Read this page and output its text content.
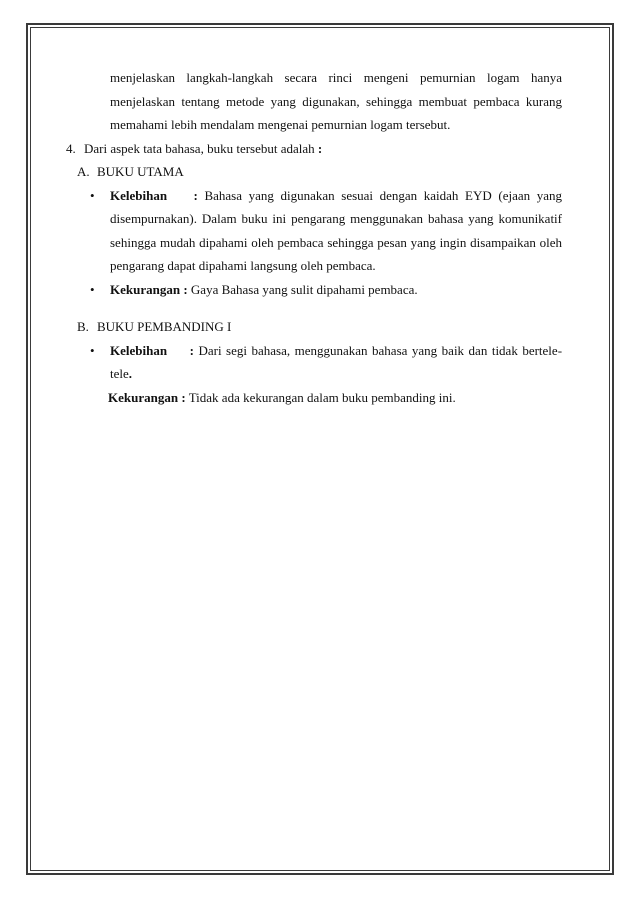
menjelaskan langkah-langkah secara rinci mengeni pemurnian logam hanya
menjelaskan tentang metode yang digunakan, sehingga membuat pembaca kurang
memahami lebih mendalam mengenai pemurnian logam tersebut.
4. Dari aspek tata bahasa, buku tersebut adalah :
A. BUKU UTAMA
• Kelebihan : Bahasa yang digunakan sesuai dengan kaidah EYD (ejaan yang
disempurnakan). Dalam buku ini pengarang menggunakan bahasa yang komunikatif
sehingga mudah dipahami oleh pembaca sehingga pesan yang ingin disampaikan oleh
pengarang dapat dipahami langsung oleh pembaca.
•	Kekurangan : Gaya Bahasa yang sulit dipahami pembaca.
B. BUKU PEMBANDING I
• Kelebihan : Dari segi bahasa, menggunakan bahasa yang baik dan tidak bertele-
tele.
Kekurangan : Tidak ada kekurangan dalam buku pembanding ini.
